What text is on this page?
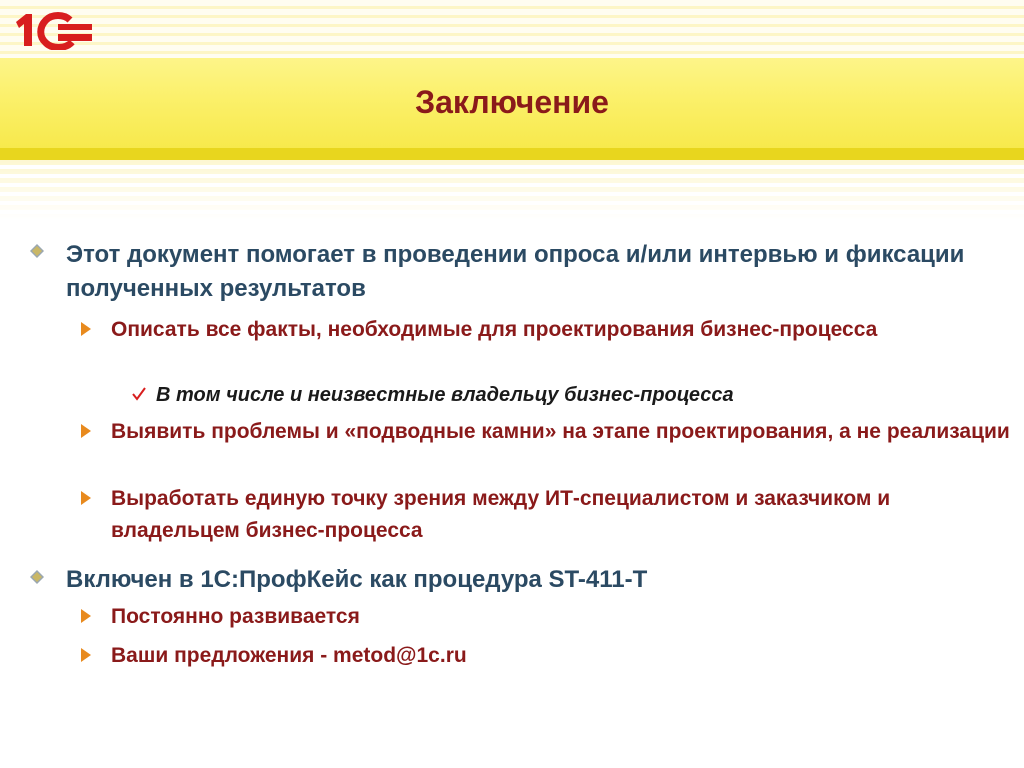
Заключение
Этот документ помогает в проведении опроса и/или интервью и фиксации полученных результатов
Описать все факты, необходимые для проектирования бизнес-процесса
В том числе и неизвестные владельцу бизнес-процесса
Выявить проблемы и «подводные камни» на этапе проектирования, а не реализации
Выработать единую точку зрения между ИТ-специалистом и заказчиком и владельцем бизнес-процесса
Включен в 1С:ПрофКейс как процедура ST-411-T
Постоянно развивается
Ваши предложения - metod@1c.ru
